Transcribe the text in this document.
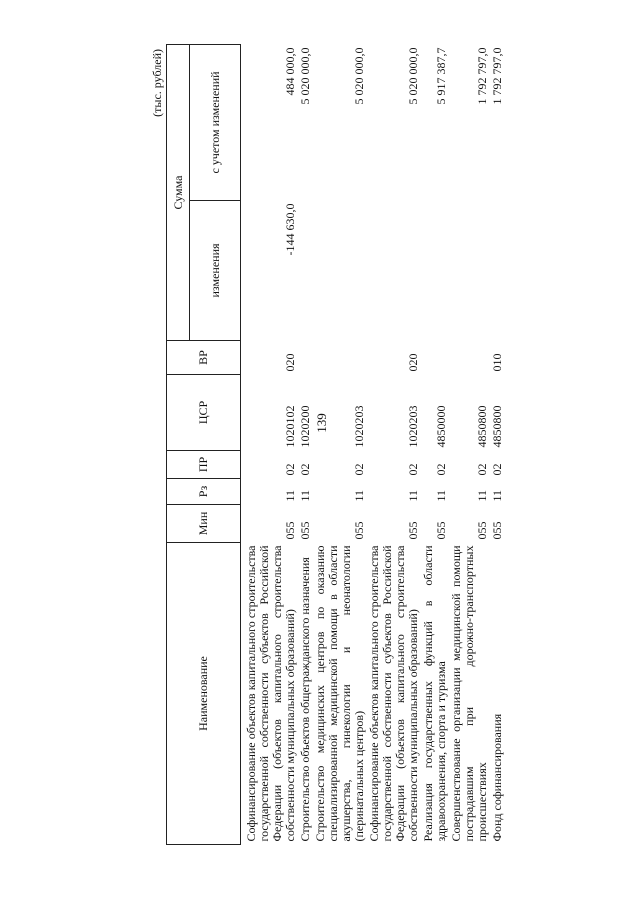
139
(тыс. рублей)
Наименование	Мин	Рз	ПР	ЦСР	ВР	Сумма	
						изменения	с учетом изменений
Софинансирование объектов капитального строительства государственной собственности субъектов Российской Федерации (объектов капитального строительства собственности муниципальных образований)	055	11	02	1020102	020	-144 630,0	484 000,0
Строительство объектов общегражданского назначения	055	11	02	1020200			5 020 000,0
Строительство медицинских центров по оказанию специализированной медицинской помощи в области акушерства, гинекологии и неонатологии (перинатальных центров)	055	11	02	1020203			5 020 000,0
Софинансирование объектов капитального строительства государственной собственности субъектов Российской Федерации (объектов капитального строительства собственности муниципальных образований)	055	11	02	1020203	020		5 020 000,0
Реализация государственных функций в области здравоохранения, спорта и туризма	055	11	02	4850000			5 917 387,7
Совершенствование организации медицинской помощи пострадавшим при дорожно-транспортных происшествиях	055	11	02	4850800			1 792 797,0
Фонд софинансирования	055	11	02	4850800	010		1 792 797,0
